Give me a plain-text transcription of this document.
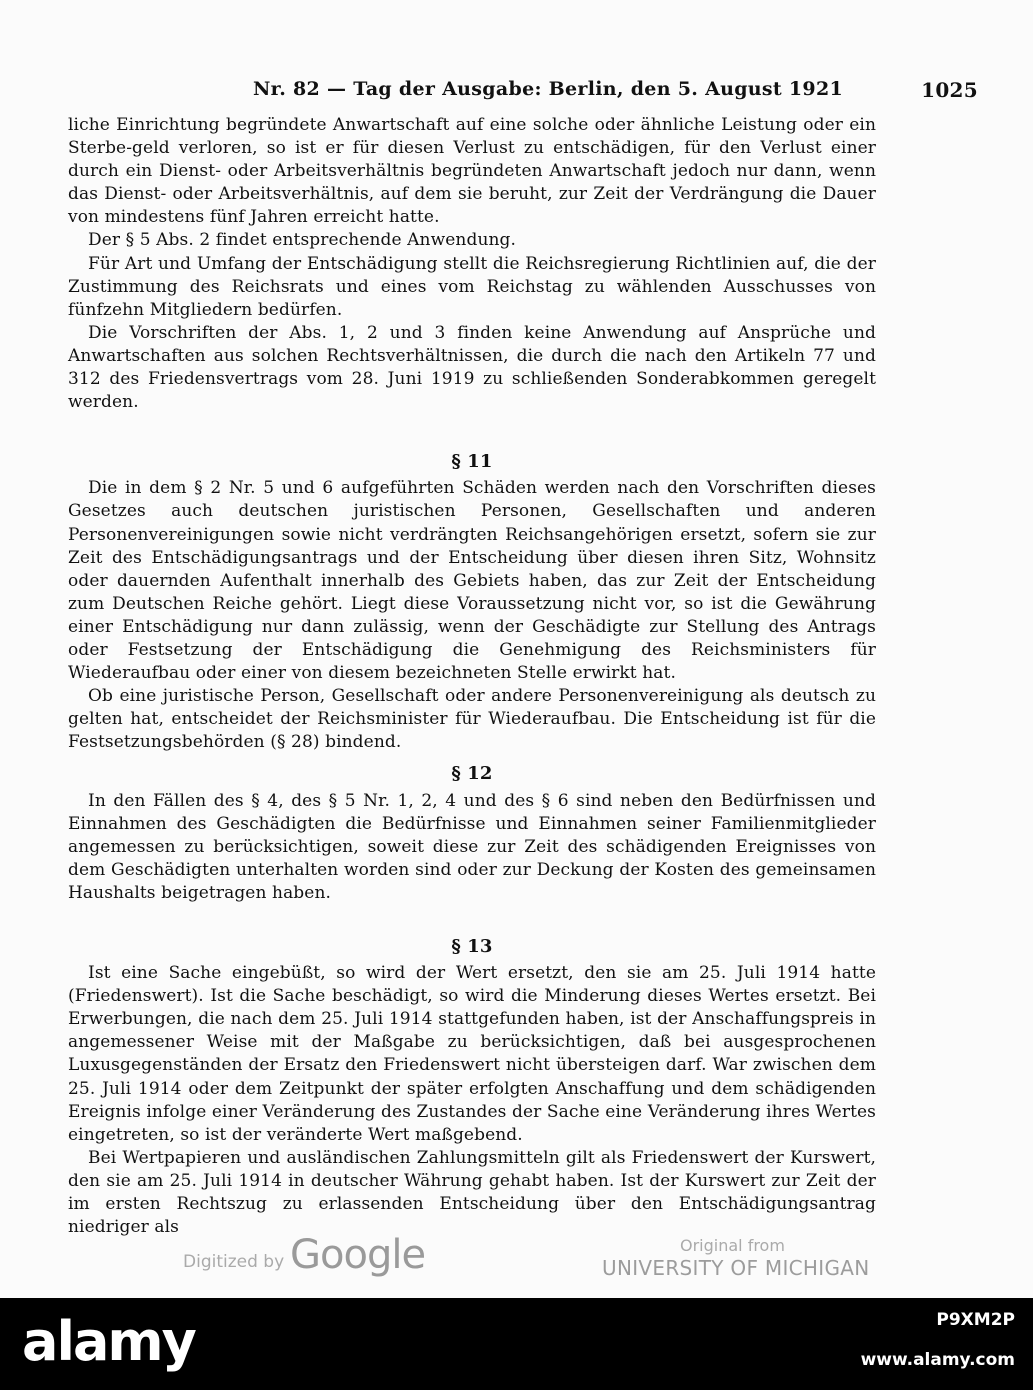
Nr. 82 — Tag der Ausgabe: Berlin, den 5. August 1921	1025

liche Einrichtung begründete Anwartschaft auf eine solche oder ähnliche Leistung oder ein Sterbe-geld verloren, so ist er für diesen Verlust zu entschädigen, für den Verlust einer durch ein Dienst- oder Arbeitsverhältnis begründeten Anwartschaft jedoch nur dann, wenn das Dienst- oder Arbeitsverhältnis, auf dem sie beruht, zur Zeit der Verdrängung die Dauer von mindestens fünf Jahren erreicht hatte.

Der § 5 Abs. 2 findet entsprechende Anwendung.

Für Art und Umfang der Entschädigung stellt die Reichsregierung Richtlinien auf, die der Zustimmung des Reichsrats und eines vom Reichstag zu wählenden Ausschusses von fünfzehn Mitgliedern bedürfen.

Die Vorschriften der Abs. 1, 2 und 3 finden keine Anwendung auf Ansprüche und Anwartschaften aus solchen Rechtsverhältnissen, die durch die nach den Artikeln 77 und 312 des Friedensvertrags vom 28. Juni 1919 zu schließenden Sonderabkommen geregelt werden.

§ 11

Die in dem § 2 Nr. 5 und 6 aufgeführten Schäden werden nach den Vorschriften dieses Gesetzes auch deutschen juristischen Personen, Gesellschaften und anderen Personenvereinigungen sowie nicht verdrängten Reichsangehörigen ersetzt, sofern sie zur Zeit des Entschädigungsantrags und der Entscheidung über diesen ihren Sitz, Wohnsitz oder dauernden Aufenthalt innerhalb des Gebiets haben, das zur Zeit der Entscheidung zum Deutschen Reiche gehört. Liegt diese Voraussetzung nicht vor, so ist die Gewährung einer Entschädigung nur dann zulässig, wenn der Geschädigte zur Stellung des Antrags oder Festsetzung der Entschädigung die Genehmigung des Reichsministers für Wiederaufbau oder einer von diesem bezeichneten Stelle erwirkt hat.

Ob eine juristische Person, Gesellschaft oder andere Personenvereinigung als deutsch zu gelten hat, entscheidet der Reichsminister für Wiederaufbau. Die Entscheidung ist für die Festsetzungsbehörden (§ 28) bindend.

§ 12

In den Fällen des § 4, des § 5 Nr. 1, 2, 4 und des § 6 sind neben den Bedürfnissen und Einnahmen des Geschädigten die Bedürfnisse und Einnahmen seiner Familienmitglieder angemessen zu berücksichtigen, soweit diese zur Zeit des schädigenden Ereignisses von dem Geschädigten unterhalten worden sind oder zur Deckung der Kosten des gemeinsamen Haushalts beigetragen haben.

§ 13

Ist eine Sache eingebüßt, so wird der Wert ersetzt, den sie am 25. Juli 1914 hatte (Friedenswert). Ist die Sache beschädigt, so wird die Minderung dieses Wertes ersetzt. Bei Erwerbungen, die nach dem 25. Juli 1914 stattgefunden haben, ist der Anschaffungspreis in angemessener Weise mit der Maßgabe zu berücksichtigen, daß bei ausgesprochenen Luxusgegenständen der Ersatz den Friedenswert nicht übersteigen darf. War zwischen dem 25. Juli 1914 oder dem Zeitpunkt der später erfolgten Anschaffung und dem schädigenden Ereignis infolge einer Veränderung des Zustandes der Sache eine Veränderung ihres Wertes eingetreten, so ist der veränderte Wert maßgebend.

Bei Wertpapieren und ausländischen Zahlungsmitteln gilt als Friedenswert der Kurswert, den sie am 25. Juli 1914 in deutscher Währung gehabt haben. Ist der Kurswert zur Zeit der im ersten Rechtszug zu erlassenden Entscheidung über den Entschädigungsantrag niedriger als

Digitized by Google	Original from
UNIVERSITY OF MICHIGAN
alamy	P9XM2P
www.alamy.com
